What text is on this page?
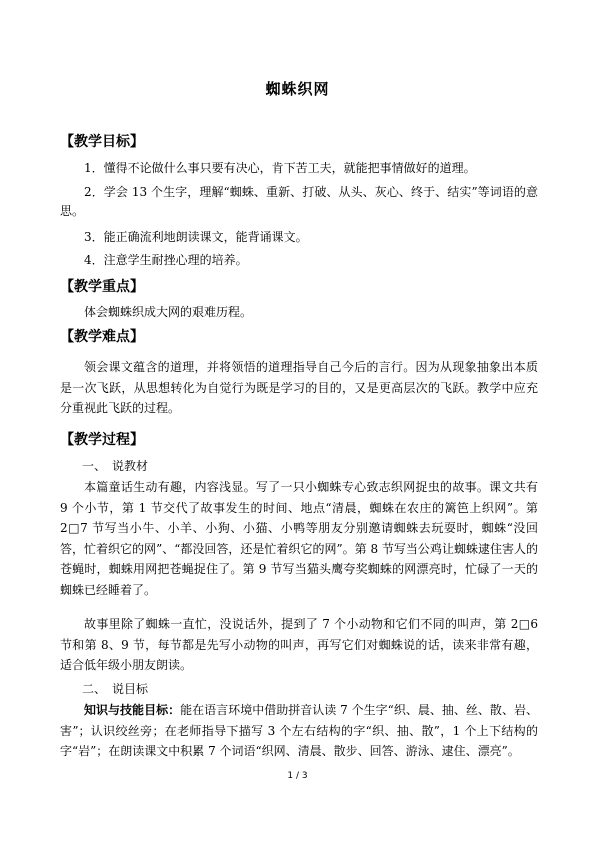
蜘蛛织网
【教学目标】
1．懂得不论做什么事只要有决心，肯下苦工夫，就能把事情做好的道理。
2．学会 13 个生字，理解“蜘蛛、重新、打破、从头、灰心、终于、结实”等词语的意思。
3．能正确流利地朗读课文，能背诵课文。
4．注意学生耐挫心理的培养。
【教学重点】
体会蜘蛛织成大网的艰难历程。
【教学难点】
领会课文蕴含的道理，并将领悟的道理指导自己今后的言行。因为从现象抽象出本质是一次飞跃，从思想转化为自觉行为既是学习的目的，又是更高层次的飞跃。教学中应充分重视此飞跃的过程。
【教学过程】
一、　说教材
本篇童话生动有趣，内容浅显。写了一只小蜘蛛专心致志织网捉虫的故事。课文共有 9 个小节，第 1 节交代了故事发生的时间、地点“清晨，蜘蛛在农庄的篱笆上织网”。第 2□7 节写当小牛、小羊、小狗、小猫、小鸭等朋友分别邀请蜘蛛去玩耍时，蜘蛛“没回答，忙着织它的网”、“都没回答，还是忙着织它的网”。第 8 节写当公鸡让蜘蛛逮住害人的苍蝇时，蜘蛛用网把苍蝇捉住了。第 9 节写当猫头鹰夸奖蜘蛛的网漂亮时，忙碌了一天的蜘蛛已经睡着了。
故事里除了蜘蛛一直忙，没说话外，提到了 7 个小动物和它们不同的叫声，第 2□6 节和第 8、9 节，每节都是先写小动物的叫声，再写它们对蜘蛛说的话，读来非常有趣，适合低年级小朋友朗读。
二、　说目标
知识与技能目标：能在语言环境中借助拼音认读 7 个生字“织、晨、抽、丝、散、岩、害”；认识绞丝旁；在老师指导下描写 3 个左右结构的字“织、抽、散”，1 个上下结构的字“岩”；在朗读课文中积累 7 个词语“织网、清晨、散步、回答、游泳、逮住、漂亮”。
1 / 3
